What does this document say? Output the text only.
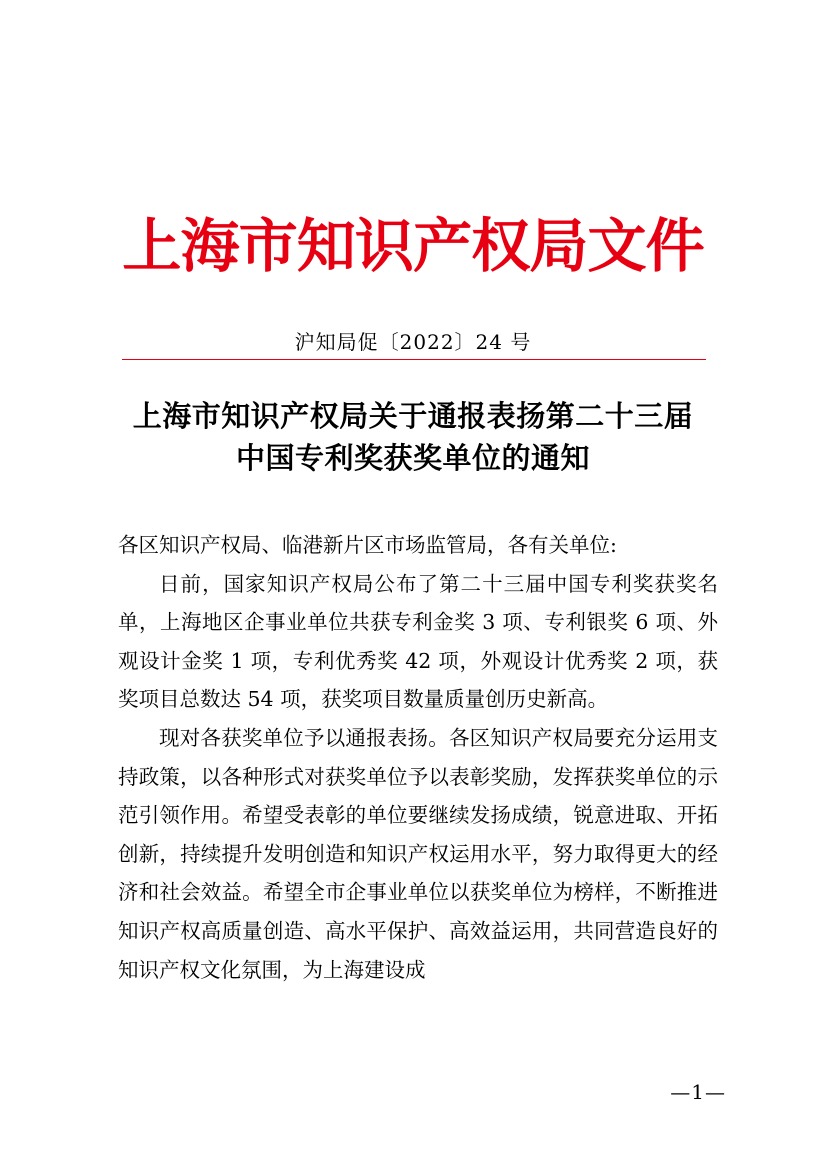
上海市知识产权局文件
沪知局促〔2022〕24 号
上海市知识产权局关于通报表扬第二十三届
中国专利奖获奖单位的通知

各区知识产权局、临港新片区市场监管局，各有关单位:

日前，国家知识产权局公布了第二十三届中国专利奖获奖名单，上海地区企事业单位共获专利金奖 3 项、专利银奖 6 项、外观设计金奖 1 项，专利优秀奖 42 项，外观设计优秀奖 2 项，获奖项目总数达 54 项，获奖项目数量质量创历史新高。

现对各获奖单位予以通报表扬。各区知识产权局要充分运用支持政策，以各种形式对获奖单位予以表彰奖励，发挥获奖单位的示范引领作用。希望受表彰的单位要继续发扬成绩，锐意进取、开拓创新，持续提升发明创造和知识产权运用水平，努力取得更大的经济和社会效益。希望全市企事业单位以获奖单位为榜样，不断推进知识产权高质量创造、高水平保护、高效益运用，共同营造良好的知识产权文化氛围，为上海建设成

—1—
